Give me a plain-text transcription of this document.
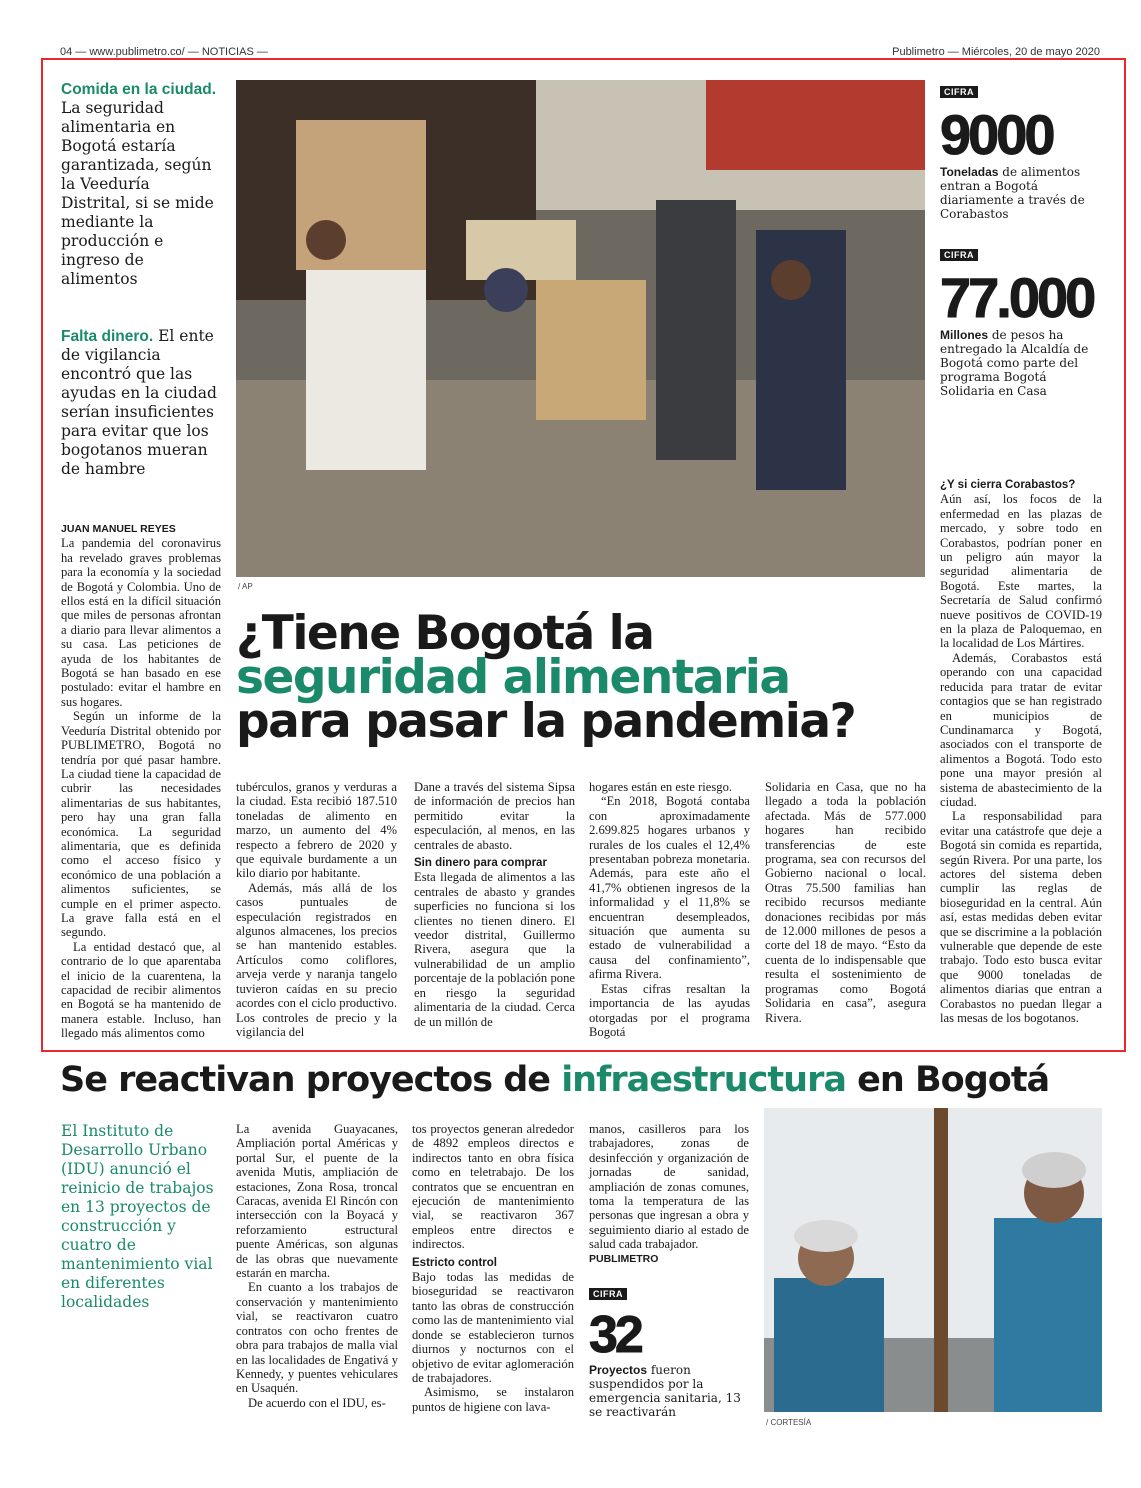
04 — www.publimetro.co/ — NOTICIAS —	Publimetro — Miércoles, 20 de mayo 2020
Comida en la ciudad. La seguridad alimentaria en Bogotá estaría garantizada, según la Veeduría Distrital, si se mide mediante la producción e ingreso de alimentos
Falta dinero. El ente de vigilancia encontró que las ayudas en la ciudad serían insuficientes para evitar que los bogotanos mueran de hambre
JUAN MANUEL REYES

La pandemia del coronavirus ha revelado graves problemas para la economía y la sociedad de Bogotá y Colombia. Uno de ellos está en la difícil situación que miles de personas afrontan a diario para llevar alimentos a su casa. Las peticiones de ayuda de los habitantes de Bogotá se han basado en ese postulado: evitar el hambre en sus hogares.

Según un informe de la Veeduría Distrital obtenido por PUBLIMETRO, Bogotá no tendría por qué pasar hambre. La ciudad tiene la capacidad de cubrir las necesidades alimentarias de sus habitantes, pero hay una gran falla económica. La seguridad alimentaria, que es definida como el acceso físico y económico de una población a alimentos suficientes, se cumple en el primer aspecto. La grave falla está en el segundo.

La entidad destacó que, al contrario de lo que aparentaba el inicio de la cuarentena, la capacidad de recibir alimentos en Bogotá se ha mantenido de manera estable. Incluso, han llegado más alimentos como

/ AP
¿Tiene Bogotá la
seguridad alimentaria
para pasar la pandemia?

tubérculos, granos y verduras a la ciudad. Esta recibió 187.510 toneladas de alimento en marzo, un aumento del 4% respecto a febrero de 2020 y que equivale burdamente a un kilo diario por habitante.

Además, más allá de los casos puntuales de especulación registrados en algunos almacenes, los precios se han mantenido estables. Artículos como coliflores, arveja verde y naranja tangelo tuvieron caídas en su precio acordes con el ciclo productivo. Los controles de precio y la vigilancia del

Dane a través del sistema Sipsa de información de precios han permitido evitar la especulación, al menos, en las centrales de abasto.

Sin dinero para comprar

Esta llegada de alimentos a las centrales de abasto y grandes superficies no funciona si los clientes no tienen dinero. El veedor distrital, Guillermo Rivera, asegura que la vulnerabilidad de un amplio porcentaje de la población pone en riesgo la seguridad alimentaria de la ciudad. Cerca de un millón de

hogares están en este riesgo.

“En 2018, Bogotá contaba con aproximadamente 2.699.825 hogares urbanos y rurales de los cuales el 12,4% presentaban pobreza monetaria. Además, para este año el 41,7% obtienen ingresos de la informalidad y el 11,8% se encuentran desempleados, situación que aumenta su estado de vulnerabilidad a causa del confinamiento”, afirma Rivera.

Estas cifras resaltan la importancia de las ayudas otorgadas por el programa Bogotá

Solidaria en Casa, que no ha llegado a toda la población afectada. Más de 577.000 hogares han recibido transferencias de este programa, sea con recursos del Gobierno nacional o local. Otras 75.500 familias han recibido recursos mediante donaciones recibidas por más de 12.000 millones de pesos a corte del 18 de mayo. “Esto da cuenta de lo indispensable que resulta el sostenimiento de programas como Bogotá Solidaria en casa”, asegura Rivera.

CIFRA
9000
Toneladas de alimentos entran a Bogotá diariamente a través de Corabastos
CIFRA
77.000
Millones de pesos ha entregado la Alcaldía de Bogotá como parte del programa Bogotá Solidaria en Casa
¿Y si cierra Corabastos?

Aún así, los focos de la enfermedad en las plazas de mercado, y sobre todo en Corabastos, podrían poner en un peligro aún mayor la seguridad alimentaria de Bogotá. Este martes, la Secretaría de Salud confirmó nueve positivos de COVID-19 en la plaza de Paloquemao, en la localidad de Los Mártires.

Además, Corabastos está operando con una capacidad reducida para tratar de evitar contagios que se han registrado en municipios de Cundinamarca y Bogotá, asociados con el transporte de alimentos a Bogotá. Todo esto pone una mayor presión al sistema de abastecimiento de la ciudad.

La responsabilidad para evitar una catástrofe que deje a Bogotá sin comida es repartida, según Rivera. Por una parte, los actores del sistema deben cumplir las reglas de bioseguridad en la central. Aún así, estas medidas deben evitar que se discrimine a la población vulnerable que depende de este trabajo. Todo esto busca evitar que 9000 toneladas de alimentos diarias que entran a Corabastos no puedan llegar a las mesas de los bogotanos.

Se reactivan proyectos de infraestructura en Bogotá
El Instituto de Desarrollo Urbano (IDU) anunció el reinicio de trabajos en 13 proyectos de construcción y cuatro de mantenimiento vial en diferentes localidades

La avenida Guayacanes, Ampliación portal Américas y portal Sur, el puente de la avenida Mutis, ampliación de estaciones, Zona Rosa, troncal Caracas, avenida El Rincón con intersección con la Boyacá y reforzamiento estructural puente Américas, son algunas de las obras que nuevamente estarán en marcha.

En cuanto a los trabajos de conservación y mantenimiento vial, se reactivaron cuatro contratos con ocho frentes de obra para trabajos de malla vial en las localidades de Engativá y Kennedy, y puentes vehiculares en Usaquén.

De acuerdo con el IDU, es-

tos proyectos generan alrededor de 4892 empleos directos e indirectos tanto en obra física como en teletrabajo. De los contratos que se encuentran en ejecución de mantenimiento vial, se reactivaron 367 empleos entre directos e indirectos.

Estricto control

Bajo todas las medidas de bioseguridad se reactivaron tanto las obras de construcción como las de mantenimiento vial donde se establecieron turnos diurnos y nocturnos con el objetivo de evitar aglomeración de trabajadores.

Asimismo, se instalaron puntos de higiene con lava-

manos, casilleros para los trabajadores, zonas de desinfección y organización de jornadas de sanidad, ampliación de zonas comunes, toma la temperatura de las personas que ingresan a obra y seguimiento diario al estado de salud cada trabajador.

PUBLIMETRO
CIFRA
32
Proyectos fueron suspendidos por la emergencia sanitaria, 13 se reactivarán
/ CORTESÍA
